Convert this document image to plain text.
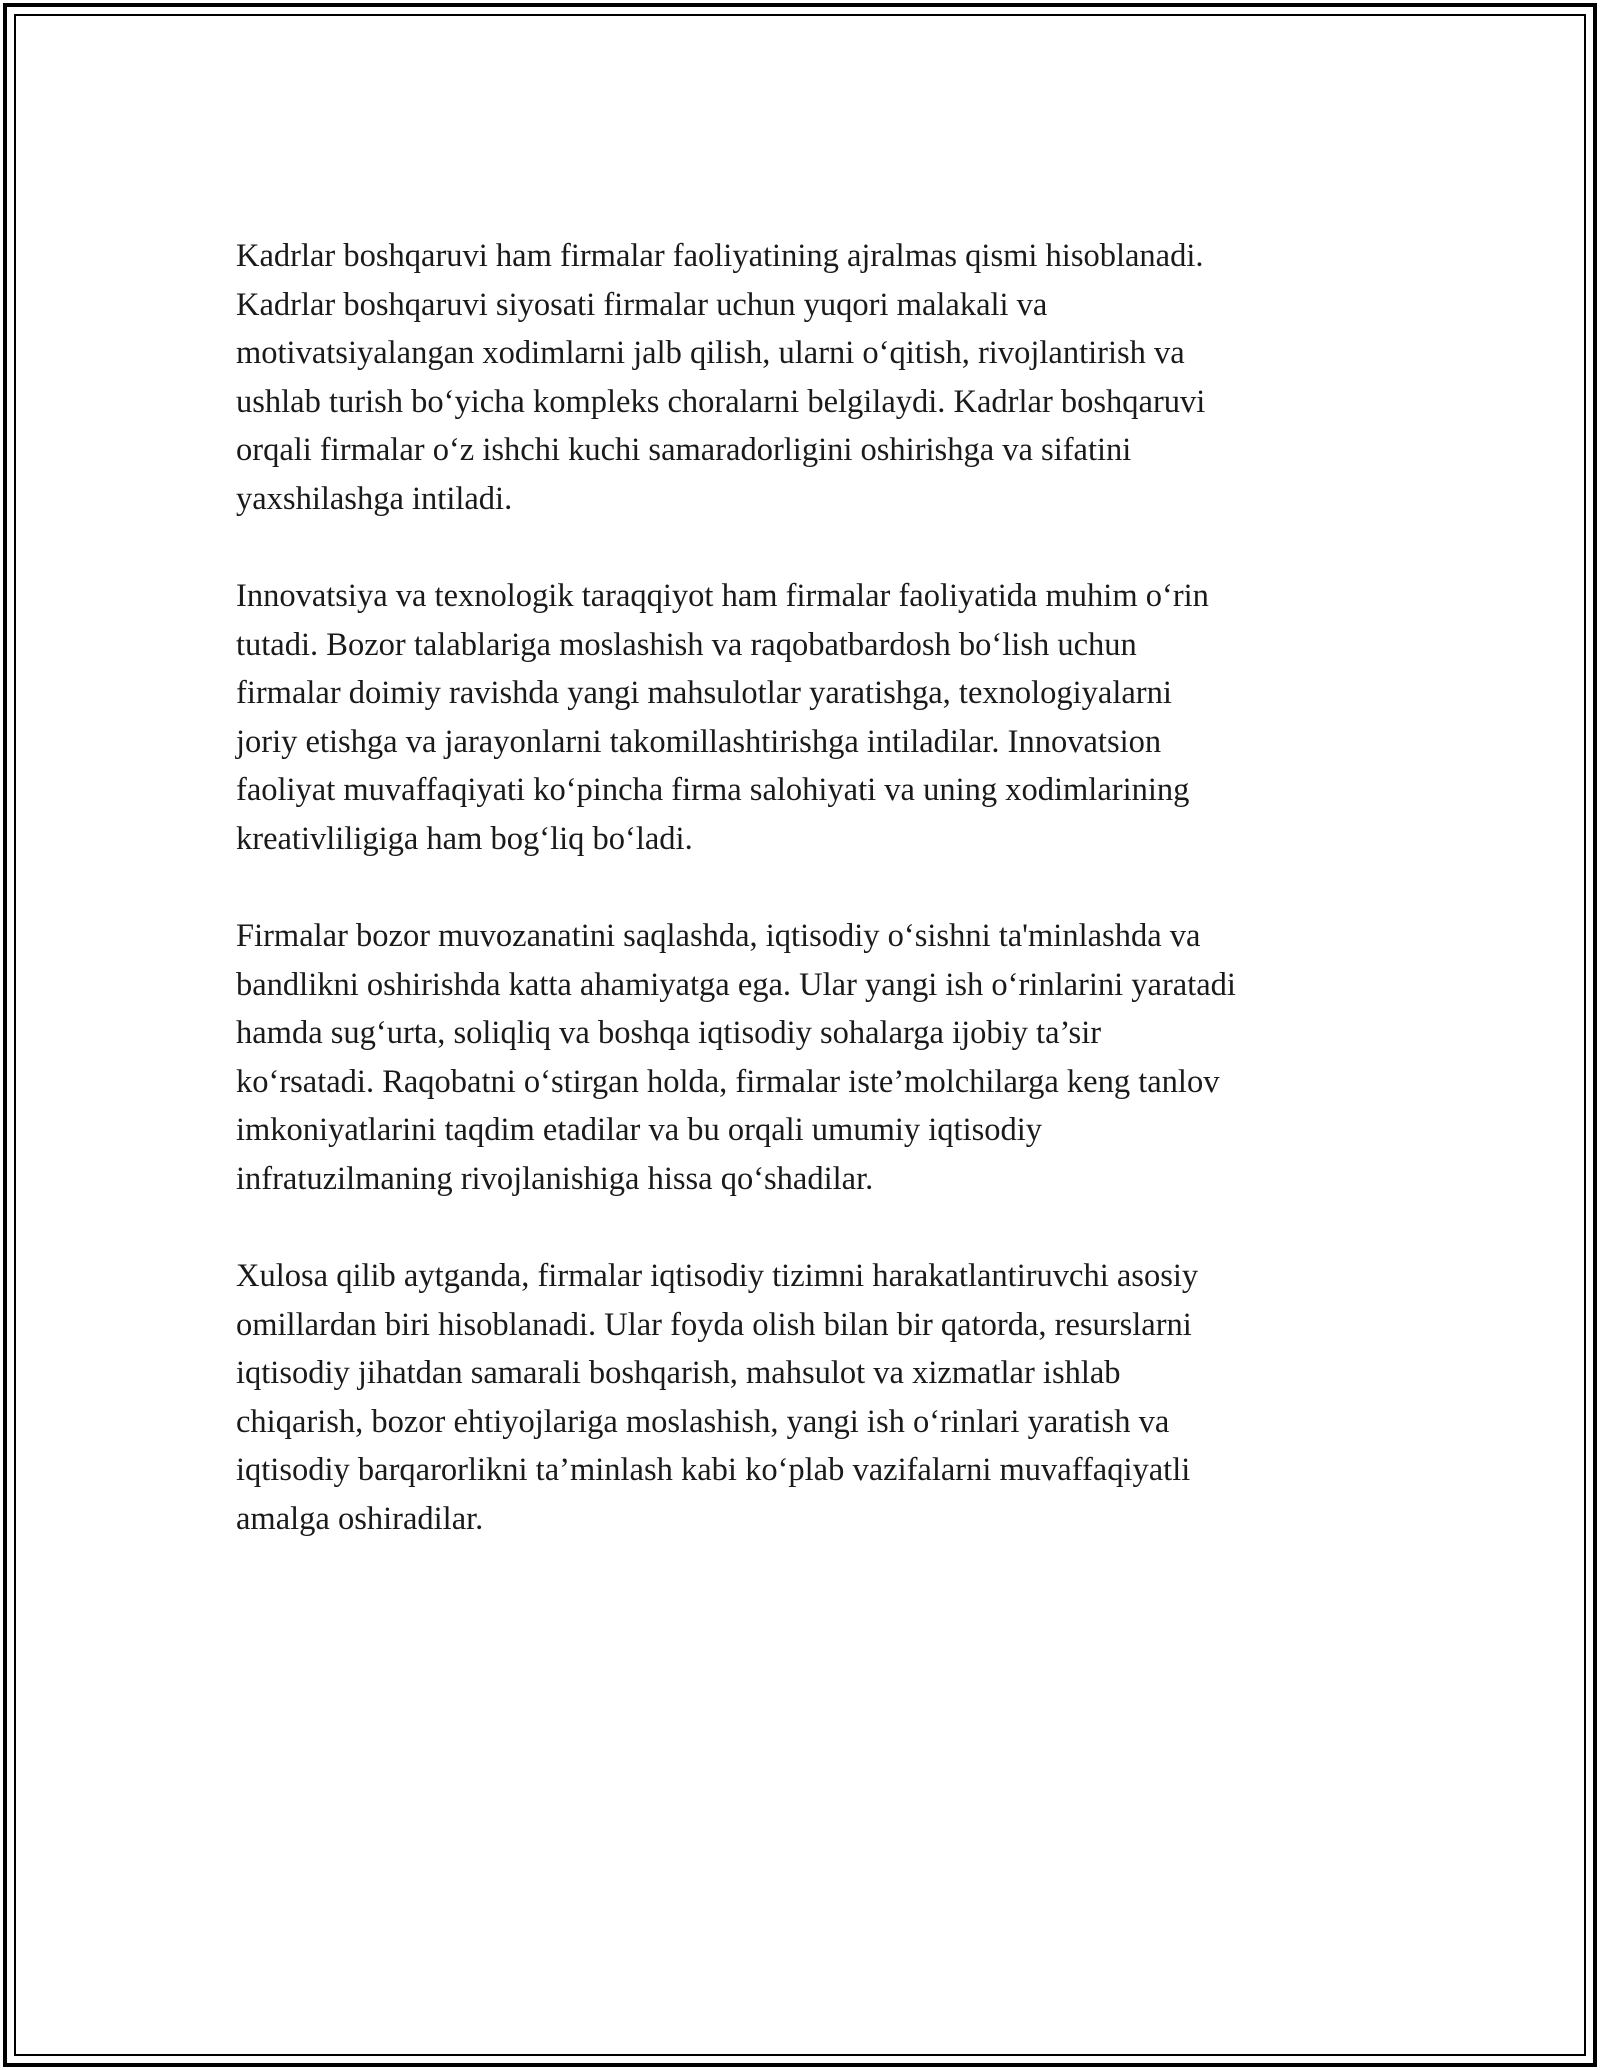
Kadrlar boshqaruvi ham firmalar faoliyatining ajralmas qismi hisoblanadi.
Kadrlar boshqaruvi siyosati firmalar uchun yuqori malakali va
motivatsiyalangan xodimlarni jalb qilish, ularni o‘qitish, rivojlantirish va
ushlab turish bo‘yicha kompleks choralarni belgilaydi. Kadrlar boshqaruvi
orqali firmalar o‘z ishchi kuchi samaradorligini oshirishga va sifatini
yaxshilashga intiladi.

Innovatsiya va texnologik taraqqiyot ham firmalar faoliyatida muhim o‘rin
tutadi. Bozor talablariga moslashish va raqobatbardosh bo‘lish uchun
firmalar doimiy ravishda yangi mahsulotlar yaratishga, texnologiyalarni
joriy etishga va jarayonlarni takomillashtirishga intiladilar. Innovatsion
faoliyat muvaffaqiyati ko‘pincha firma salohiyati va uning xodimlarining
kreativliligiga ham bog‘liq bo‘ladi.

Firmalar bozor muvozanatini saqlashda, iqtisodiy o‘sishni ta'minlashda va
bandlikni oshirishda katta ahamiyatga ega. Ular yangi ish o‘rinlarini yaratadi
hamda sug‘urta, soliqliq va boshqa iqtisodiy sohalarga ijobiy ta’sir
ko‘rsatadi. Raqobatni o‘stirgan holda, firmalar iste’molchilarga keng tanlov
imkoniyatlarini taqdim etadilar va bu orqali umumiy iqtisodiy
infratuzilmaning rivojlanishiga hissa qo‘shadilar.

Xulosa qilib aytganda, firmalar iqtisodiy tizimni harakatlantiruvchi asosiy
omillardan biri hisoblanadi. Ular foyda olish bilan bir qatorda, resurslarni
iqtisodiy jihatdan samarali boshqarish, mahsulot va xizmatlar ishlab
chiqarish, bozor ehtiyojlariga moslashish, yangi ish o‘rinlari yaratish va
iqtisodiy barqarorlikni ta’minlash kabi ko‘plab vazifalarni muvaffaqiyatli
amalga oshiradilar.
